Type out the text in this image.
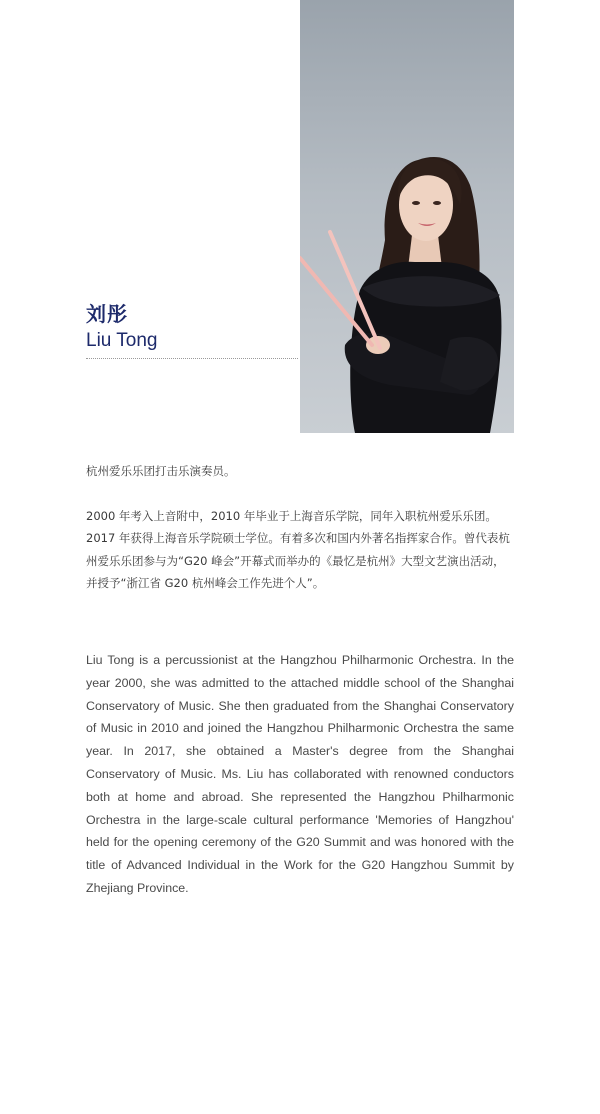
刘彤
Liu Tong

杭州爱乐乐团打击乐演奏员。

2000 年考入上音附中，2010 年毕业于上海音乐学院，同年入职杭州爱乐乐团。2017 年获得上海音乐学院硕士学位。有着多次和国内外著名指挥家合作。曾代表杭州爱乐乐团参与为“G20 峰会”开幕式而举办的《最忆是杭州》大型文艺演出活动，并授予“浙江省 G20 杭州峰会工作先进个人”。

Liu Tong is a percussionist at the Hangzhou Philharmonic Orchestra. In the year 2000, she was admitted to the attached middle school of the Shanghai Conservatory of Music. She then graduated from the Shanghai Conservatory of Music in 2010 and joined the Hangzhou Philharmonic Orchestra the same year. In 2017, she obtained a Master's degree from the Shanghai Conservatory of Music. Ms. Liu has collaborated with renowned conductors both at home and abroad. She represented the Hangzhou Philharmonic Orchestra in the large-scale cultural performance 'Memories of Hangzhou' held for the opening ceremony of the G20 Summit and was honored with the title of Advanced Individual in the Work for the G20 Hangzhou Summit by Zhejiang Province.
